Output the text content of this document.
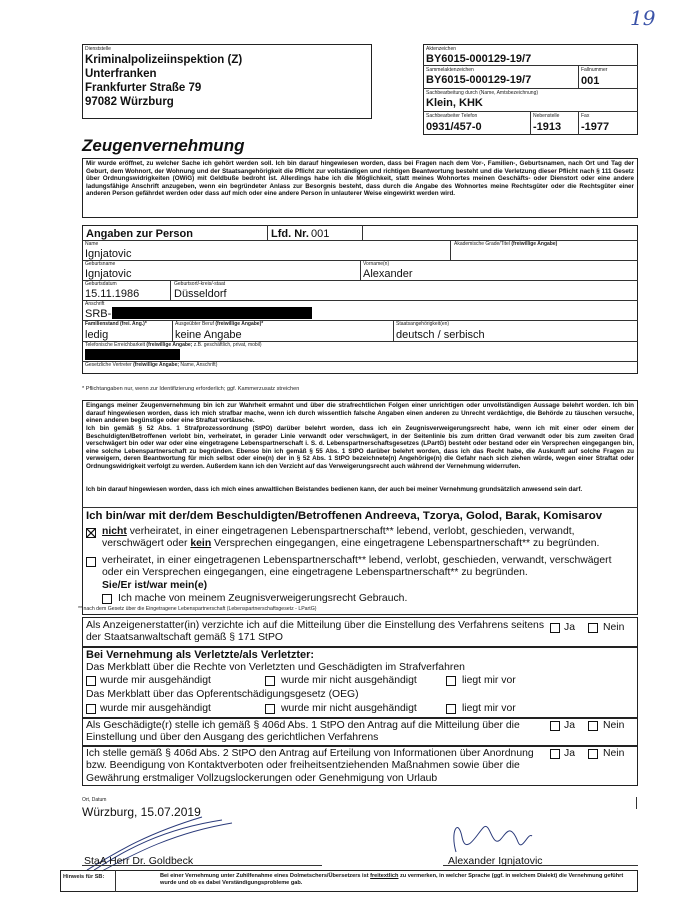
19
Dienststelle
Kriminalpolizeiinspektion (Z)
Unterfranken
Frankfurter Straße 79
97082 Würzburg
Aktenzeichen
BY6015-000129-19/7
Sammelaktenzeichen
BY6015-000129-19/7
Fallnummer
001
Sachbearbeitung durch (Name, Amtsbezeichnung)
Klein, KHK
Sachbearbeiter Telefon
0931/457-0
Nebenstelle
-1913
Fax
-1977
Zeugenvernehmung
Mir wurde eröffnet, zu welcher Sache ich gehört werden soll. Ich bin darauf hingewiesen worden, dass bei Fragen nach dem Vor-, Familien-, Geburtsnamen, nach Ort und Tag der Geburt, dem Wohnort, der Wohnung und der Staatsangehörigkeit die Pflicht zur vollständigen und richtigen Beantwortung besteht und die Verletzung dieser Pflicht nach § 111 Gesetz über Ordnungswidrigkeiten (OWiG) mit Geldbuße bedroht ist. Allerdings habe ich die Möglichkeit, statt meines Wohnortes meinen Geschäfts- oder Dienstort oder eine andere ladungsfähige Anschrift anzugeben, wenn ein begründeter Anlass zur Besorgnis besteht, dass durch die Angabe des Wohnortes meine Rechtsgüter oder die Rechtsgüter einer anderen Person gefährdet werden oder dass auf mich oder eine andere Person in unlauterer Weise eingewirkt werden wird.
Angaben zur Person	Lfd. Nr. 001
Name
Ignjatovic
Akademische Grade/Titel (freiwillige Angabe)
Geburtsname
Ignjatovic
Vorname(n)
Alexander
Geburtsdatum
15.11.1986
Geburtsort/-kreis/-staat
Düsseldorf
Anschrift
SRB-
Familienstand (frei. Ang.)*
ledig
Ausgeübter Beruf (freiwillige Angabe)*
keine Angabe
Staatsangehörigkeit(en)
deutsch / serbisch
Telefonische Erreichbarkeit (freiwillige Angabe; z.B. geschäftlich, privat, mobil)
Gesetzliche Vertreter (freiwillige Angabe; Name, Anschrift)
* Pflichtangaben nur, wenn zur Identifizierung erforderlich; ggf. Kammerzusatz streichen
Eingangs meiner Zeugenvernehmung bin ich zur Wahrheit ermahnt und über die strafrechtlichen Folgen einer unrichtigen oder unvollständigen Aussage belehrt worden. Ich bin darauf hingewiesen worden, dass ich mich strafbar mache, wenn ich durch wissentlich falsche Angaben einen anderen zu Unrecht verdächtige, die Behörde zu täuschen versuche, einen anderen begünstige oder eine Straftat vortäusche.
Ich bin gemäß § 52 Abs. 1 Strafprozessordnung (StPO) darüber belehrt worden, dass ich ein Zeugnisverweigerungsrecht habe, wenn ich mit einer oder einem der Beschuldigten/Betroffenen verlobt bin, verheiratet, in gerader Linie verwandt oder verschwägert, in der Seitenlinie bis zum dritten Grad verwandt oder bis zum zweiten Grad verschwägert bin oder war oder eine eingetragene Lebenspartnerschaft i. S. d. Lebenspartnerschaftsgesetzes (LPartG) besteht oder bestand oder ein Versprechen eingegangen bin, eine solche Lebenspartnerschaft zu begründen. Ebenso bin ich gemäß § 55 Abs. 1 StPO darüber belehrt worden, dass ich das Recht habe, die Auskunft auf solche Fragen zu verweigern, deren Beantwortung für mich selbst oder eine(n) der in § 52 Abs. 1 StPO bezeichnete(n) Angehörige(n) die Gefahr nach sich ziehen würde, wegen einer Straftat oder Ordnungswidrigkeit verfolgt zu werden. Außerdem kann ich den Verzicht auf das Verweigerungsrecht auch während der Vernehmung widerrufen.
Ich bin darauf hingewiesen worden, dass ich mich eines anwaltlichen Beistandes bedienen kann, der auch bei meiner Vernehmung grundsätzlich anwesend sein darf.
Ich bin/war mit der/dem Beschuldigten/Betroffenen Andreeva, Tzorya, Golod, Barak, Komisarov
nicht verheiratet, in einer eingetragenen Lebenspartnerschaft** lebend, verlobt, geschieden, verwandt, verschwägert oder kein Versprechen eingegangen, eine eingetragene Lebenspartnerschaft** zu begründen.
verheiratet, in einer eingetragenen Lebenspartnerschaft** lebend, verlobt, geschieden, verwandt, verschwägert oder ein Versprechen eingegangen, eine eingetragene Lebenspartnerschaft** zu begründen.
Sie/Er ist/war mein(e)
Ich mache von meinem Zeugnisverweigerungsrecht Gebrauch.
** nach dem Gesetz über die Eingetragene Lebenspartnerschaft (Lebenspartnerschaftsgesetz - LPartG)
Als Anzeigenerstatter(in) verzichte ich auf die Mitteilung über die Einstellung des Verfahrens seitens der Staatsanwaltschaft gemäß § 171 StPO
Ja	Nein
Bei Vernehmung als Verletzte/als Verletzter:
Das Merkblatt über die Rechte von Verletzten und Geschädigten im Strafverfahren
wurde mir ausgehändigt	wurde mir nicht ausgehändigt	liegt mir vor
Das Merkblatt über das Opferentschädigungsgesetz (OEG)
wurde mir ausgehändigt	wurde mir nicht ausgehändigt	liegt mir vor
Als Geschädigte(r) stelle ich gemäß § 406d Abs. 1 StPO den Antrag auf die Mitteilung über die Einstellung und über den Ausgang des gerichtlichen Verfahrens
Ja	Nein
Ich stelle gemäß § 406d Abs. 2 StPO den Antrag auf Erteilung von Informationen über Anordnung bzw. Beendigung von Kontaktverboten oder freiheitsentziehenden Maßnahmen sowie über die Gewährung erstmaliger Vollzugslockerungen oder Genehmigung von Urlaub
Ja	Nein
Ort, Datum
Würzburg, 15.07.2019
StaA Herr Dr. Goldbeck	Alexander Ignjatovic
Hinweis für SB:	Bei einer Vernehmung unter Zuhilfenahme eines Dolmetschers/Übersetzers ist freitextlich zu vermerken, in welcher Sprache (ggf. in welchem Dialekt) die Vernehmung geführt wurde und ob es dabei Verständigungsprobleme gab.
